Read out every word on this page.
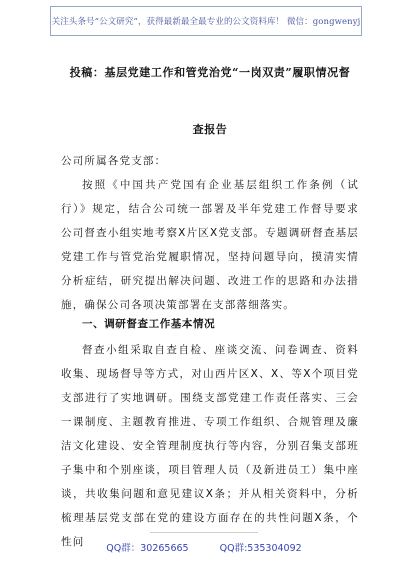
关注头条号“公文研究”，获得最新最全最专业的公文资料库！ 微信：gongwenyj
投稿：基层党建工作和管党治党“一岗双责”履职情况督
查报告
公司所属各党支部：
按照《中国共产党国有企业基层组织工作条例（试行）》规定，结合公司统一部署及半年党建工作督导要求公司督查小组实地考察X片区X党支部。专题调研督查基层党建工作与管党治党履职情况，坚持问题导向，摸清实情分析症结，研究提出解决问题、改进工作的思路和办法措施，确保公司各项决策部署在支部落细落实。
一、调研督查工作基本情况
督查小组采取自查自检、座谈交流、问卷调查、资料收集、现场督导等方式，对山西片区X、X、等X个项目党支部进行了实地调研。围绕支部党建工作责任落实、三会一课制度、主题教育推进、专项工作组织、合规管理及廉洁文化建设、安全管理制度执行等内容，分别召集支部班子集中和个别座谈，项目管理人员（及新进员工）集中座谈，共收集问题和意见建议X条；并从相关资料中，分析梳理基层党支部在党的建设方面存在的共性问题X条，个性问
QQ群：30265665	QQ群:535304092
